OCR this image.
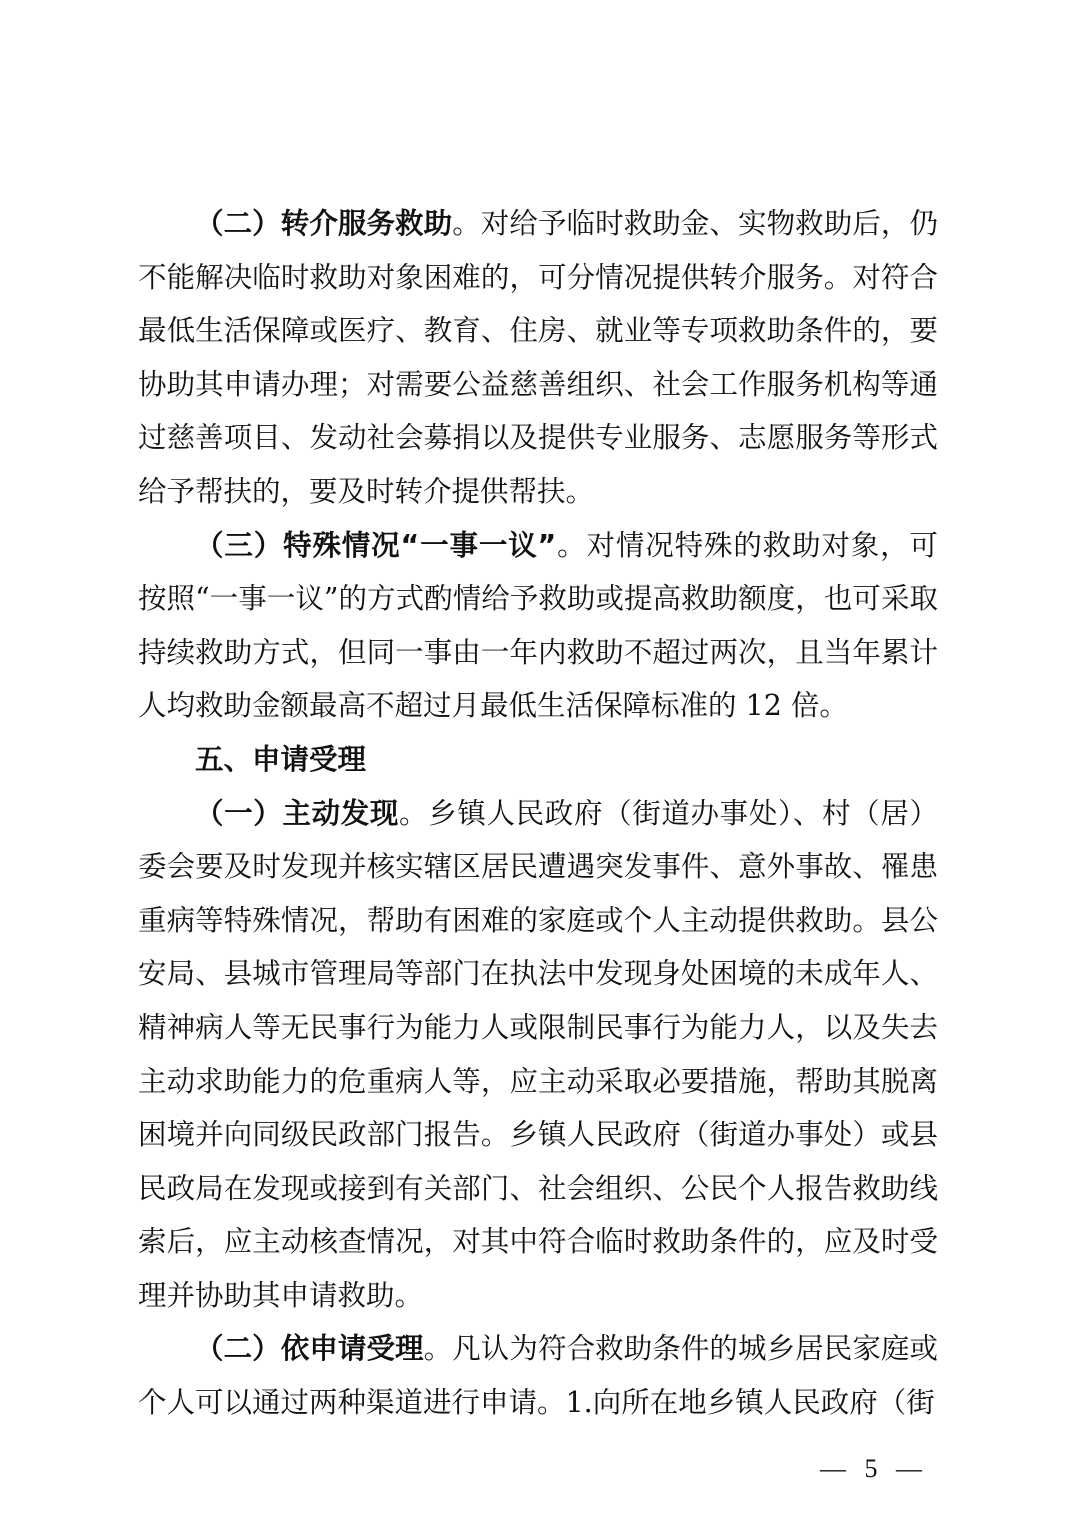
（二）转介服务救助。对给予临时救助金、实物救助后，仍不能解决临时救助对象困难的，可分情况提供转介服务。对符合最低生活保障或医疗、教育、住房、就业等专项救助条件的，要协助其申请办理；对需要公益慈善组织、社会工作服务机构等通过慈善项目、发动社会募捐以及提供专业服务、志愿服务等形式给予帮扶的，要及时转介提供帮扶。

（三）特殊情况“一事一议”。对情况特殊的救助对象，可按照“一事一议”的方式酌情给予救助或提高救助额度，也可采取持续救助方式，但同一事由一年内救助不超过两次，且当年累计人均救助金额最高不超过月最低生活保障标准的 12 倍。

五、申请受理

（一）主动发现。乡镇人民政府（街道办事处）、村（居）委会要及时发现并核实辖区居民遭遇突发事件、意外事故、罹患重病等特殊情况，帮助有困难的家庭或个人主动提供救助。县公安局、县城市管理局等部门在执法中发现身处困境的未成年人、精神病人等无民事行为能力人或限制民事行为能力人，以及失去主动求助能力的危重病人等，应主动采取必要措施，帮助其脱离困境并向同级民政部门报告。乡镇人民政府（街道办事处）或县民政局在发现或接到有关部门、社会组织、公民个人报告救助线索后，应主动核查情况，对其中符合临时救助条件的，应及时受理并协助其申请救助。

（二）依申请受理。凡认为符合救助条件的城乡居民家庭或个人可以通过两种渠道进行申请。1.向所在地乡镇人民政府（街

— 5 —
